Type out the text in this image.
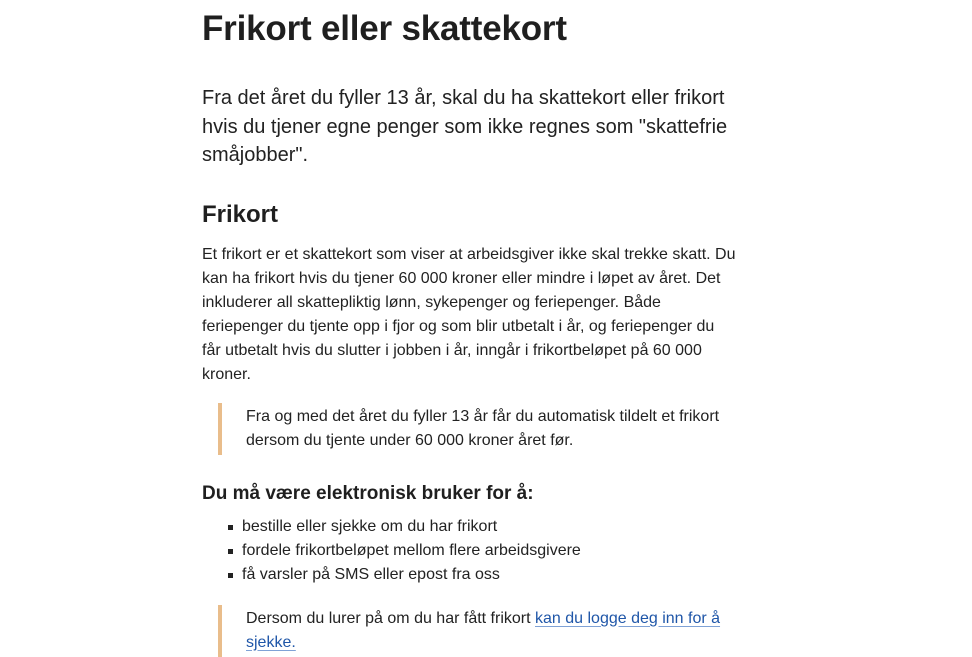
Frikort eller skattekort

Fra det året du fyller 13 år, skal du ha skattekort eller frikort hvis du tjener egne penger som ikke regnes som "skattefrie småjobber".

Frikort

Et frikort er et skattekort som viser at arbeidsgiver ikke skal trekke skatt. Du kan ha frikort hvis du tjener 60 000 kroner eller mindre i løpet av året. Det inkluderer all skattepliktig lønn, sykepenger og feriepenger. Både feriepenger du tjente opp i fjor og som blir utbetalt i år, og feriepenger du får utbetalt hvis du slutter i jobben i år, inngår i frikortbeløpet på 60 000 kroner.

Fra og med det året du fyller 13 år får du automatisk tildelt et frikort dersom du tjente under 60 000 kroner året før.
Du må være elektronisk bruker for å:
bestille eller sjekke om du har frikort
fordele frikortbeløpet mellom flere arbeidsgivere
få varsler på SMS eller epost fra oss
Dersom du lurer på om du har fått frikort kan du logge deg inn for å sjekke.
